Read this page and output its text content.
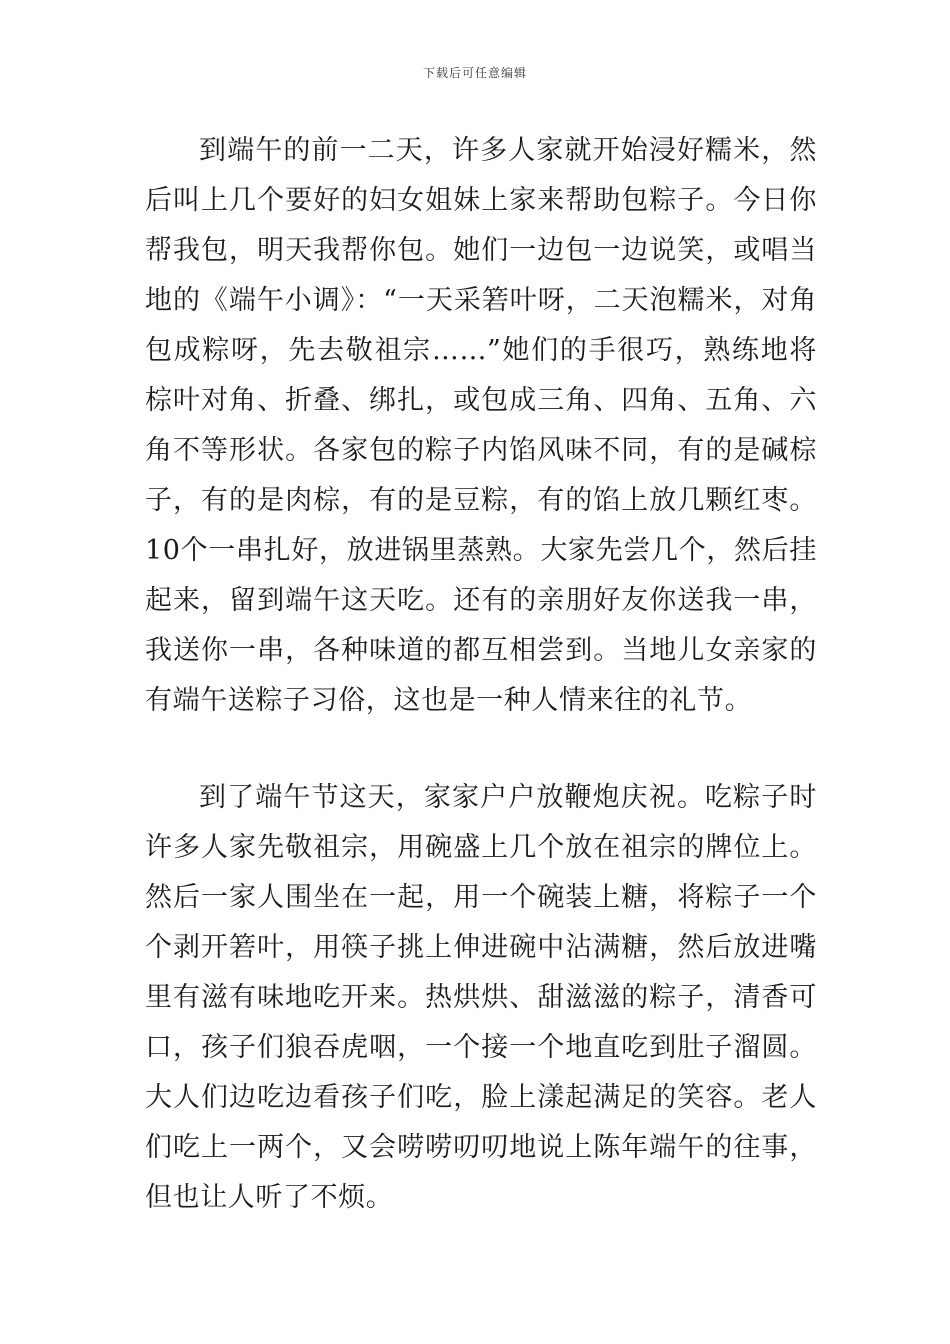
下载后可任意编辑

到端午的前一二天，许多人家就开始浸好糯米，然后叫上几个要好的妇女姐妹上家来帮助包粽子。今日你帮我包，明天我帮你包。她们一边包一边说笑，或唱当地的《端午小调》：“一天采箬叶呀，二天泡糯米，对角包成粽呀，先去敬祖宗……”她们的手很巧，熟练地将棕叶对角、折叠、绑扎，或包成三角、四角、五角、六角不等形状。各家包的粽子内馅风味不同，有的是碱棕子，有的是肉棕，有的是豆粽，有的馅上放几颗红枣。10个一串扎好，放进锅里蒸熟。大家先尝几个，然后挂起来，留到端午这天吃。还有的亲朋好友你送我一串，我送你一串，各种味道的都互相尝到。当地儿女亲家的有端午送粽子习俗，这也是一种人情来往的礼节。

到了端午节这天，家家户户放鞭炮庆祝。吃粽子时许多人家先敬祖宗，用碗盛上几个放在祖宗的牌位上。然后一家人围坐在一起，用一个碗装上糖，将粽子一个个剥开箬叶，用筷子挑上伸进碗中沾满糖，然后放进嘴里有滋有味地吃开来。热烘烘、甜滋滋的粽子，清香可口，孩子们狼吞虎咽，一个接一个地直吃到肚子溜圆。大人们边吃边看孩子们吃，脸上漾起满足的笑容。老人们吃上一两个，又会唠唠叨叨地说上陈年端午的往事，但也让人听了不烦。
